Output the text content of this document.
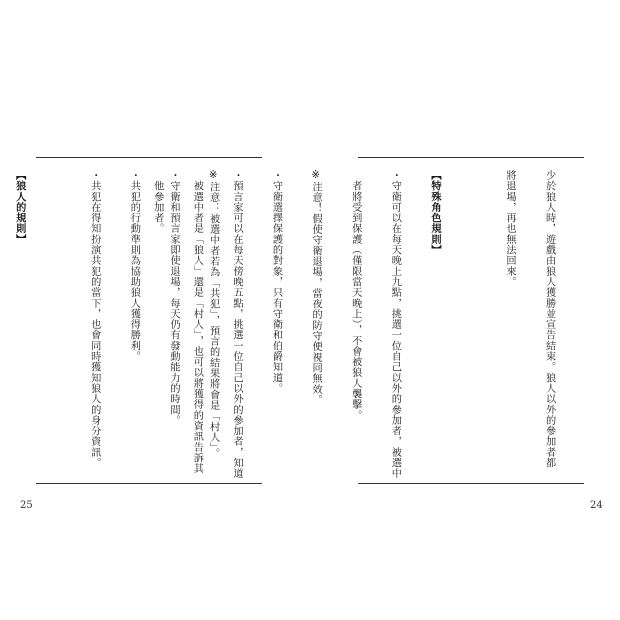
※注意：被選中者若為「共犯」，預言的結果將會是「村人」。

・守衛和預言家即使退場，每天仍有發動能力的時間。

・共犯的行動準則為協助狼人獲得勝利。

・共犯在得知扮演共犯的當下，也會同時獲知狼人的身分資訊。

【狼人的規則】

25

少於狼人時，遊戲由狼人獲勝並宣告結束。狼人以外的參加者都

將退場，再也無法回來。

【特殊角色規則】

・守衛可以在每天晚上九點，挑選一位自己以外的參加者，被選中

　者將受到保護（僅限當天晚上），不會被狼人襲擊。

※注意！假使守衛退場，當夜的防守便視同無效。

・守衛選擇保護的對象，只有守衛和伯爵知道。

・預言家可以在每天傍晚五點，挑選一位自己以外的參加者，知道

　被選中者是「狼人」還是「村人」，也可以將獲得的資訊告訴其

　他參加者。

24
